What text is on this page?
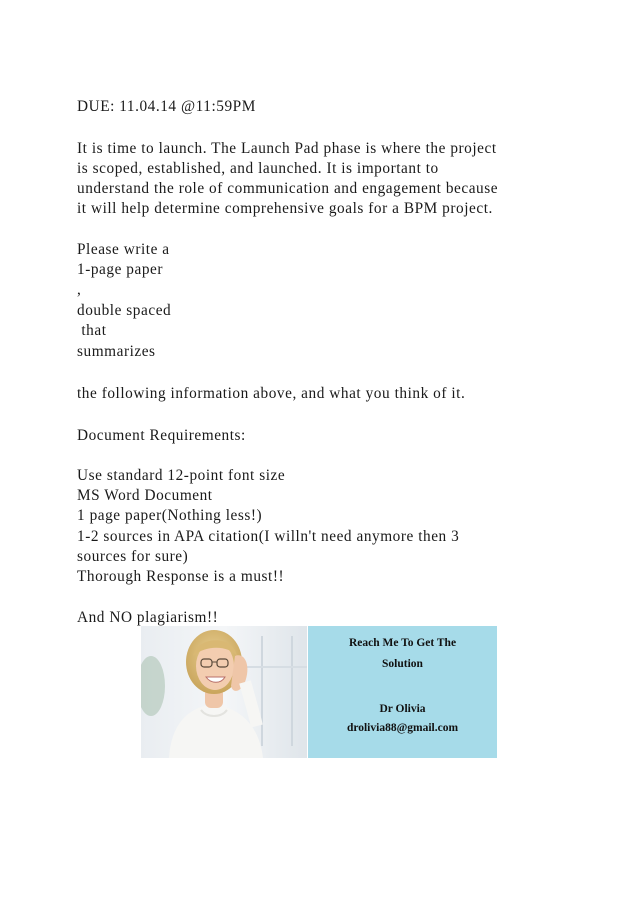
DUE: 11.04.14 @11:59PM
It is time to launch. The Launch Pad phase is where the project
is scoped, established, and launched. It is important to
understand the role of communication and engagement because
it will help determine comprehensive goals for a BPM project.
Please write a
1-page paper
,
double spaced
that
summarizes
the following information above, and what you think of it.
Document Requirements:
Use standard 12-point font size
MS Word Document
1 page paper(Nothing less!)
1-2 sources in APA citation(I willn't need anymore then 3
sources for sure)
Thorough Response is a must!!
And NO plagiarism!!
Reach Me To Get The
Solution
Dr Olivia
drolivia88@gmail.com
